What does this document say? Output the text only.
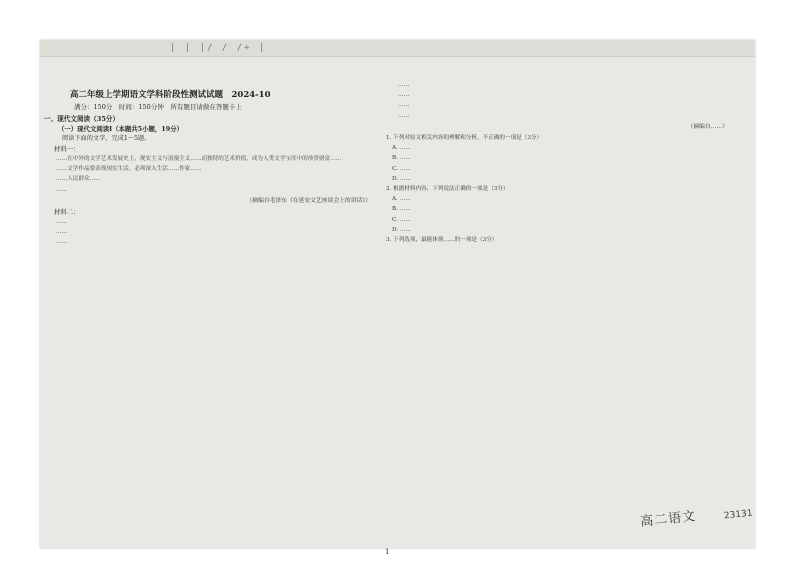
| | |/ / /+ |
高二年级上学期语文学科阶段性测试试题　2024-10
满分：150分　时间：150分钟　所有题目请做在答题卡上
一、现代文阅读（35分）
（一）现代文阅读Ⅰ（本题共5小题，19分）
阅读下面的文字，完成1～5题。
材料一：

……在中外的文学艺术发展史上，现实主义与浪漫主义……而独特的艺术价值，成为人类文学宝库中的珍贵财富……

……文学作品要表现现实生活，必须深入生活……作家……

……人民群众……

……

（摘编自毛泽东《在延安文艺座谈会上的讲话》）
材料二：

……

……

……

……

……

……

……

（摘编自……）

1. 下列对原文相关内容的理解和分析，不正确的一项是（3分）

A. ……

B. ……

C. ……

D. ……

2. 根据材料内容，下列说法正确的一项是（3分）

A. ……

B. ……

C. ……

D. ……

3. 下列选项，最能体现……的一项是（3分）

1
高二语文	23131
